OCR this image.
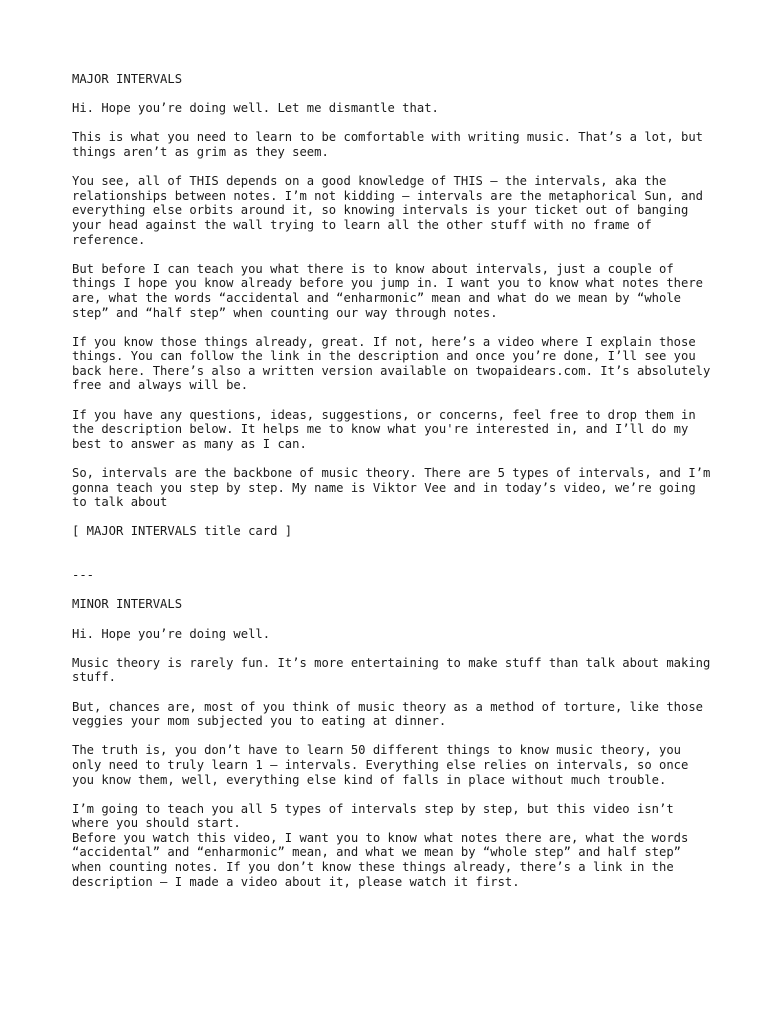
MAJOR INTERVALS
Hi. Hope you’re doing well. Let me dismantle that.
This is what you need to learn to be comfortable with writing music. That’s a lot, but things aren’t as grim as they seem.
You see, all of THIS depends on a good knowledge of THIS – the intervals, aka the relationships between notes. I’m not kidding – intervals are the metaphorical Sun, and everything else orbits around it, so knowing intervals is your ticket out of banging your head against the wall trying to learn all the other stuff with no frame of reference.
But before I can teach you what there is to know about intervals, just a couple of things I hope you know already before you jump in. I want you to know what notes there are, what the words “accidental and “enharmonic” mean and what do we mean by “whole step” and “half step” when counting our way through notes.
If you know those things already, great. If not, here’s a video where I explain those things. You can follow the link in the description and once you’re done, I’ll see you back here. There’s also a written version available on twopaidears.com. It’s absolutely free and always will be.
If you have any questions, ideas, suggestions, or concerns, feel free to drop them in the description below. It helps me to know what you're interested in, and I’ll do my best to answer as many as I can.
So, intervals are the backbone of music theory. There are 5 types of intervals, and I’m gonna teach you step by step. My name is Viktor Vee and in today’s video, we’re going to talk about
[ MAJOR INTERVALS title card ]
---
MINOR INTERVALS
Hi. Hope you’re doing well.
Music theory is rarely fun. It’s more entertaining to make stuff than talk about making stuff.
But, chances are, most of you think of music theory as a method of torture, like those veggies your mom subjected you to eating at dinner.
The truth is, you don’t have to learn 50 different things to know music theory, you only need to truly learn 1 – intervals. Everything else relies on intervals, so once you know them, well, everything else kind of falls in place without much trouble.
I’m going to teach you all 5 types of intervals step by step, but this video isn’t where you should start.
Before you watch this video, I want you to know what notes there are, what the words “accidental” and “enharmonic” mean, and what we mean by “whole step” and half step” when counting notes. If you don’t know these things already, there’s a link in the description – I made a video about it, please watch it first.
